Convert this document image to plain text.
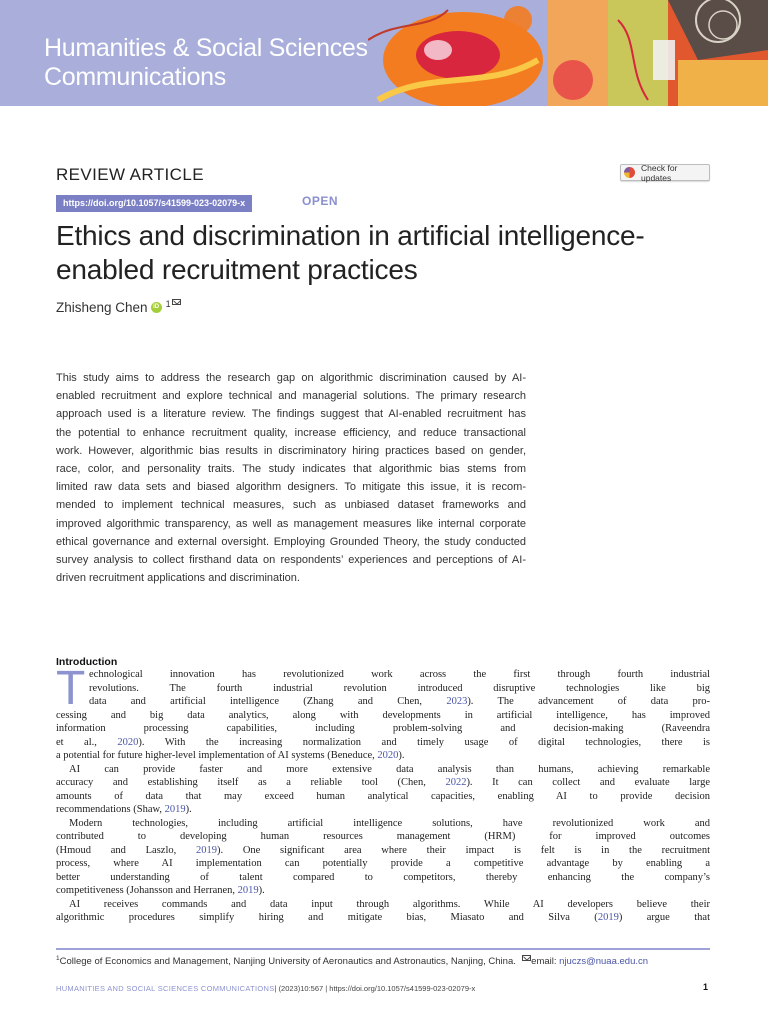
Humanities & Social Sciences
Communications
REVIEW ARTICLE	Check for updates
https://doi.org/10.1057/s41599-023-02079-x	OPEN
Ethics and discrimination in artificial intelligence-
enabled recruitment practices
Zhisheng Chen iD 1
This study aims to address the research gap on algorithmic discrimination caused by AI-
enabled recruitment and explore technical and managerial solutions. The primary research
approach used is a literature review. The findings suggest that AI-enabled recruitment has
the potential to enhance recruitment quality, increase efficiency, and reduce transactional
work. However, algorithmic bias results in discriminatory hiring practices based on gender,
race, color, and personality traits. The study indicates that algorithmic bias stems from
limited raw data sets and biased algorithm designers. To mitigate this issue, it is recom-
mended to implement technical measures, such as unbiased dataset frameworks and
improved algorithmic transparency, as well as management measures like internal corporate
ethical governance and external oversight. Employing Grounded Theory, the study conducted
survey analysis to collect firsthand data on respondents’ experiences and perceptions of AI-
driven recruitment applications and discrimination.
Introduction
T echnological innovation has revolutionized work across the first through fourth industrial
revolutions. The fourth industrial revolution introduced disruptive technologies like big
data and artificial intelligence (Zhang and Chen, 2023). The advancement of data pro-
cessing and big data analytics, along with developments in artificial intelligence, has improved
information processing capabilities, including problem-solving and decision-making (Raveendra
et al., 2020). With the increasing normalization and timely usage of digital technologies, there is
a potential for future higher-level implementation of AI systems (Beneduce, 2020).
AI can provide faster and more extensive data analysis than humans, achieving remarkable
accuracy and establishing itself as a reliable tool (Chen, 2022). It can collect and evaluate large
amounts of data that may exceed human analytical capacities, enabling AI to provide decision
recommendations (Shaw, 2019).
Modern technologies, including artificial intelligence solutions, have revolutionized work and
contributed to developing human resources management (HRM) for improved outcomes
(Hmoud and Laszlo, 2019). One significant area where their impact is felt is in the recruitment
process, where AI implementation can potentially provide a competitive advantage by enabling a
better understanding of talent compared to competitors, thereby enhancing the company’s
competitiveness (Johansson and Herranen, 2019).
AI receives commands and data input through algorithms. While AI developers believe their
algorithmic procedures simplify hiring and mitigate bias, Miasato and Silva (2019) argue that
$^1$College of Economics and Management, Nanjing University of Aeronautics and Astronautics, Nanjing, China. email: njuczs@nuaa.edu.cn
HUMANITIES AND SOCIAL SCIENCES COMMUNICATIONS| (2023)10:567 | https://doi.org/10.1057/s41599-023-02079-x	1
